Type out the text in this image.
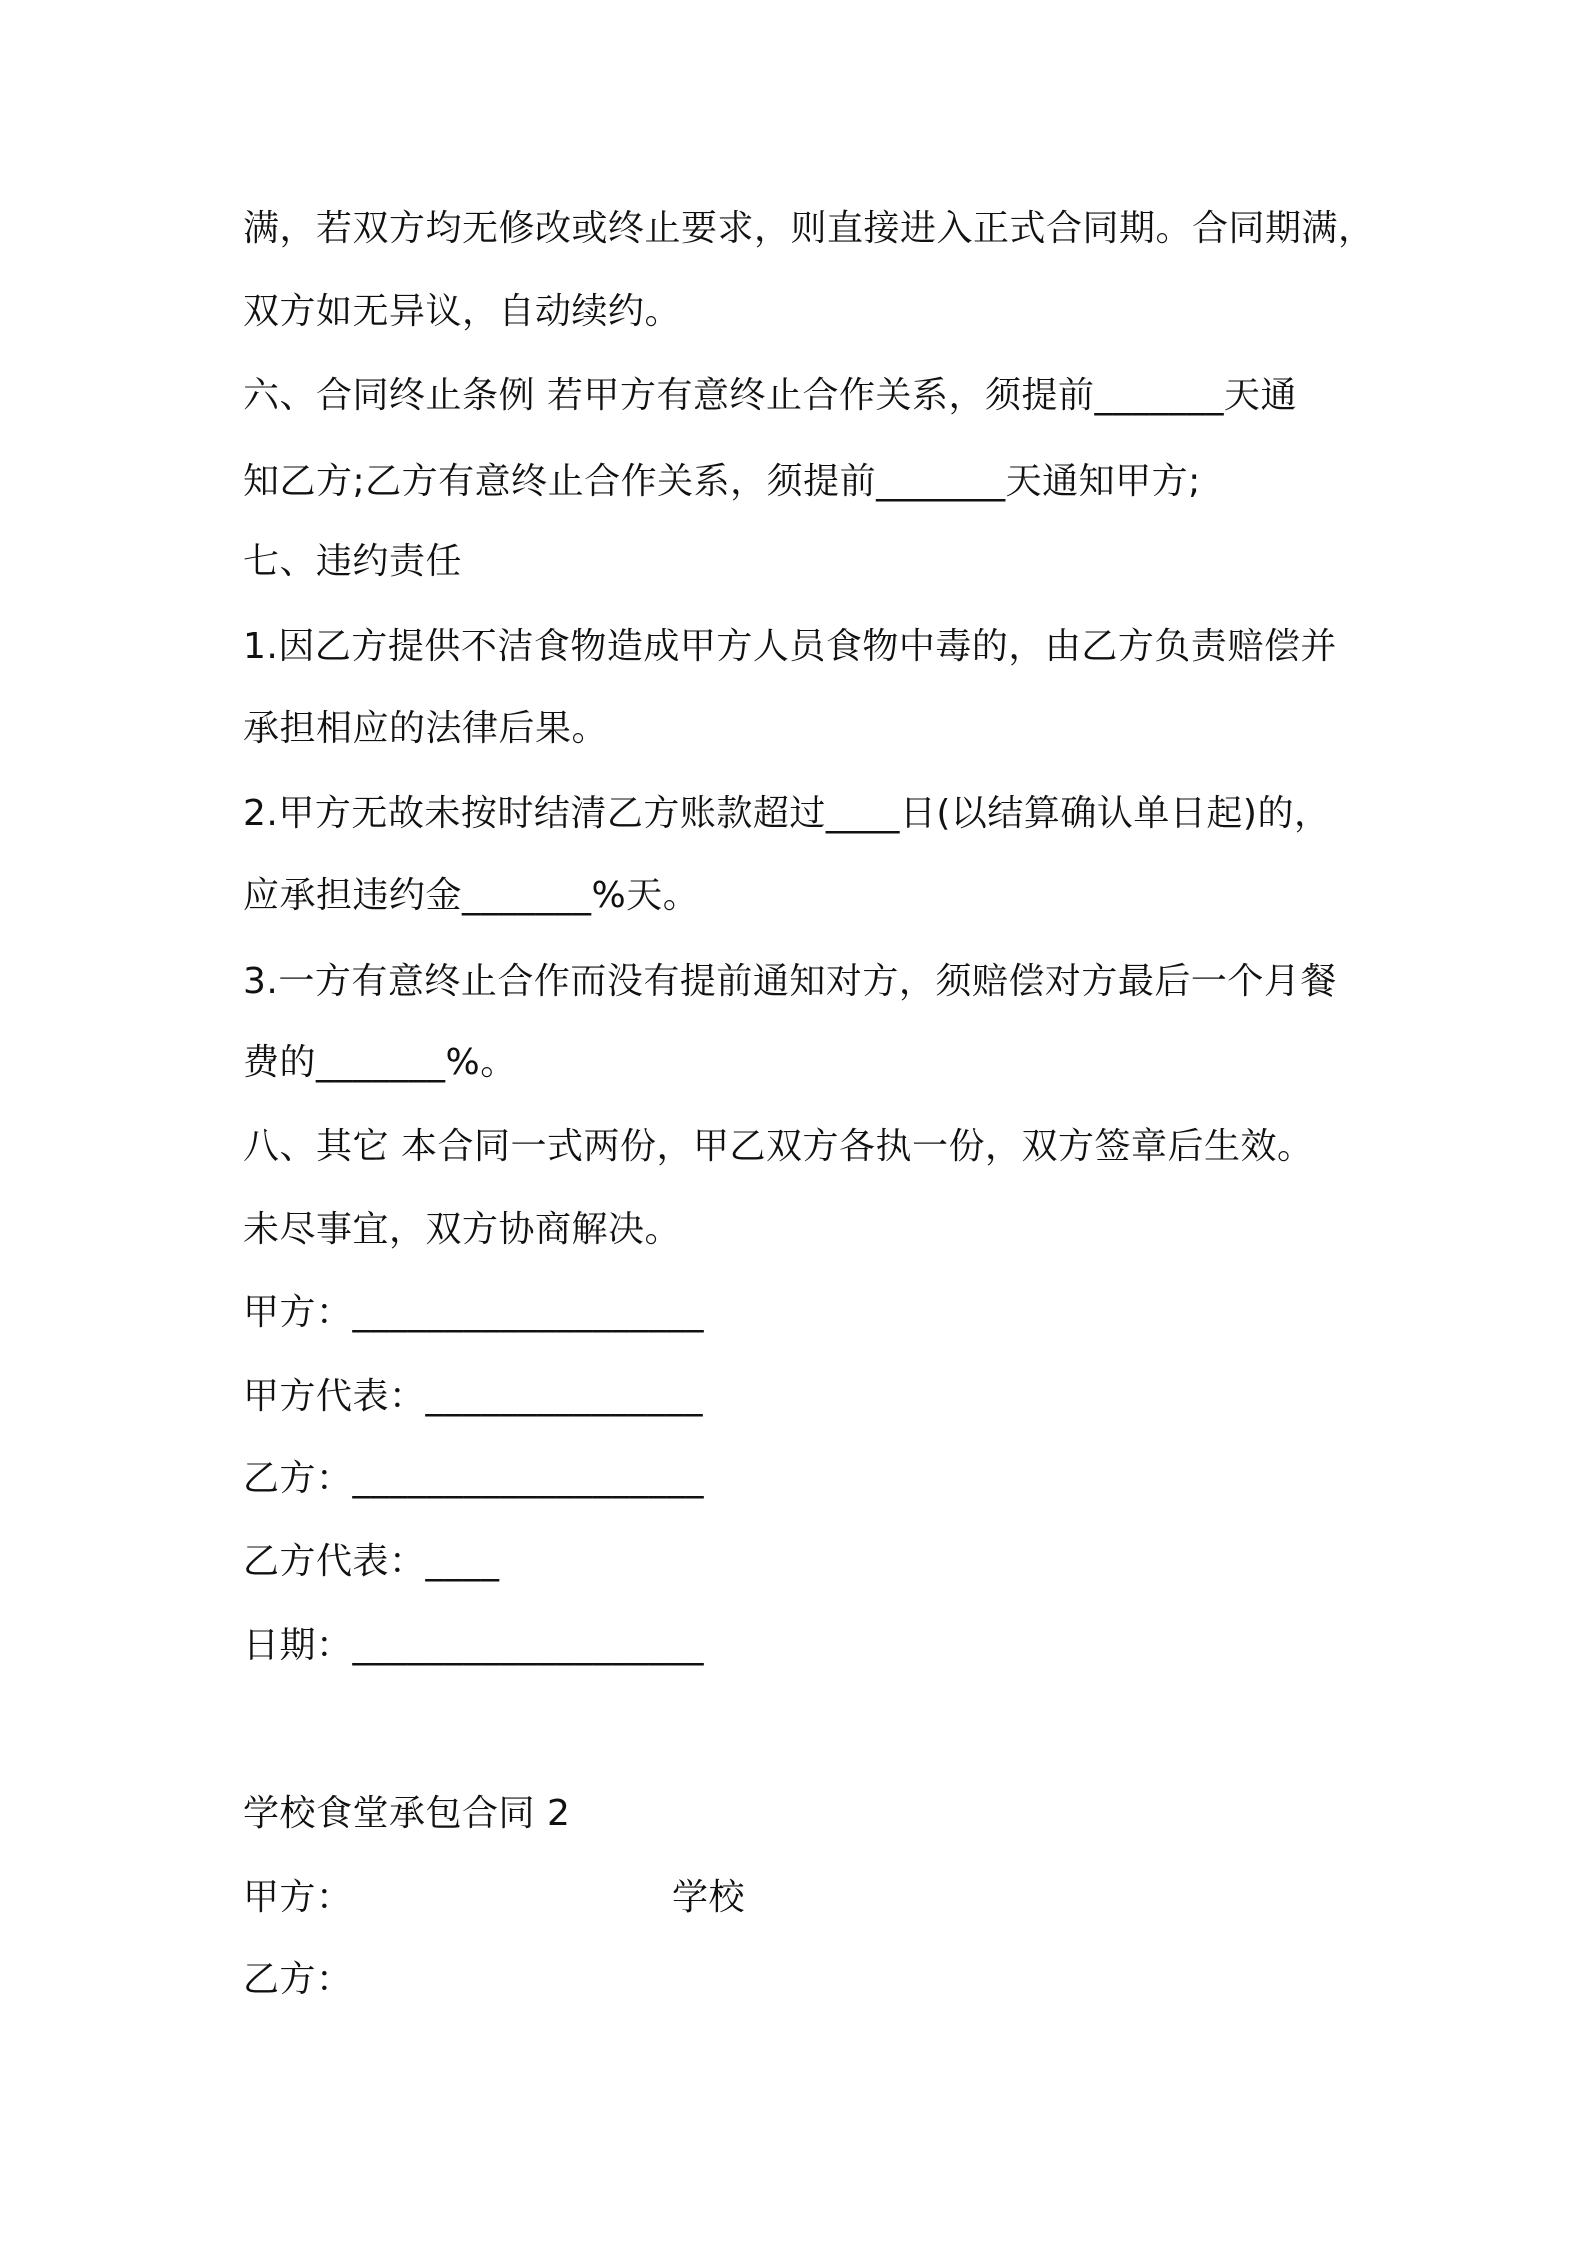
满，若双方均无修改或终止要求，则直接进入正式合同期。合同期满，
双方如无异议，自动续约。
六、合同终止条例 若甲方有意终止合作关系，须提前_______天通
知乙方;乙方有意终止合作关系，须提前_______天通知甲方;
七、违约责任
1.因乙方提供不洁食物造成甲方人员食物中毒的，由乙方负责赔偿并
承担相应的法律后果。
2.甲方无故未按时结清乙方账款超过____日(以结算确认单日起)的，
应承担违约金_______%天。
3.一方有意终止合作而没有提前通知对方，须赔偿对方最后一个月餐
费的_______%。
八、其它 本合同一式两份，甲乙双方各执一份，双方签章后生效。
未尽事宜，双方协商解决。
甲方：___________________
甲方代表：_______________
乙方：___________________
乙方代表：____
日期：___________________
学校食堂承包合同 2
甲方：	学校
乙方：
